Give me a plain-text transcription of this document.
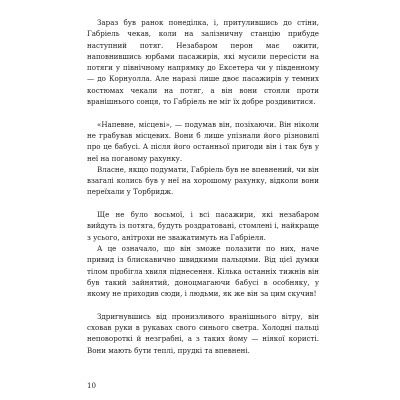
Зараз був ранок понеділка, і, притулившись до стіни, Габріель чекав, коли на залізничну станцію прибуде наступний потяг. Незабаром перон має ожити, наповнившись юрбами пасажирів, які мусили пересісти на потяги у північному напрямку до Ексетера чи у південному — до Корнуолла. Але наразі лише двоє пасажирів у темних костюмах чекали на потяг, а він вони стояли проти вранішнього сонця, то Габріель не міг їх добре роздивитися.

«Напевне, місцеві», — подумав він, позіхаючи. Він ніколи не грабував місцевих. Вони б лише упізнали його різновилі про це бабусі. А після його останньої пригоди він і так був у неї на поганому рахунку.

Власне, якщо подумати, Габріель був не впевнений, чи він взагалі колись був у неї на хорошому рахунку, відколи вони переїхали у Торбридж.

Ще не було восьмої, і всі пасажири, які незабаром вийдуть із потяга, будуть роздратовані, стомлені і, найкраще з усього, анітрохи не зважатимуть на Габріеля.

А це означало, що він зможе полазити по них, наче привид із блискавично швидкими пальцями. Від цієї думки тілом пробігла хвиля піднесення. Кілька останніх тижнів він був такий зайнятий, доноцмагаючи бабусі в особняку, у якому не приходив сюди, і людьми, як же він за цим скучив!

Здригнувшись від пронизливого вранішнього вітру, він сховав руки в рукавах свого синього светра. Холодні пальці неповороткі й незграбні, а з таких йому — ніякої користі. Вони мають бути теплі, прудкі та впевнені.

10
